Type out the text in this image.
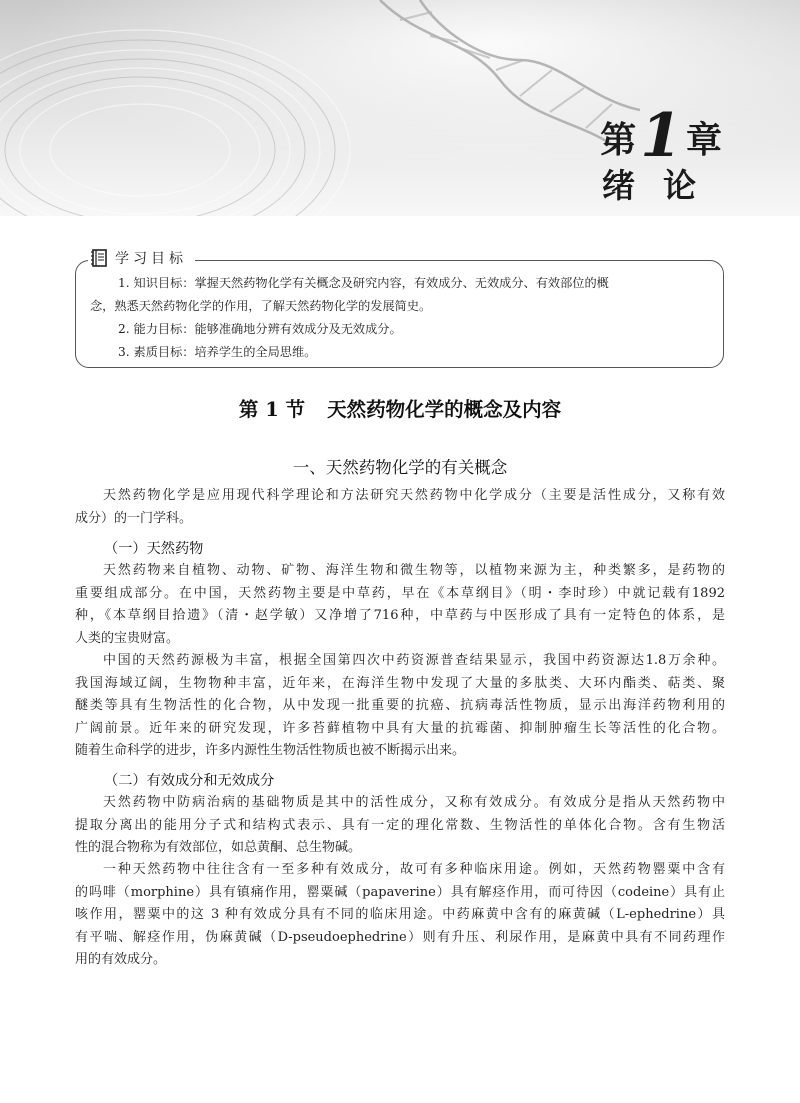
第 1 章
绪论
学习目标
1. 知识目标：掌握天然药物化学有关概念及研究内容，有效成分、无效成分、有效部位的概
念，熟悉天然药物化学的作用，了解天然药物化学的发展简史。
2. 能力目标：能够准确地分辨有效成分及无效成分。
3. 素质目标：培养学生的全局思维。
第 1 节 天然药物化学的概念及内容
一、天然药物化学的有关概念
天然药物化学是应用现代科学理论和方法研究天然药物中化学成分（主要是活性成分，又称有效
成分）的一门学科。
（一）天然药物
天然药物来自植物、动物、矿物、海洋生物和微生物等，以植物来源为主，种类繁多，是药物的
重要组成部分。在中国，天然药物主要是中草药，早在《本草纲目》（明・李时珍）中就记载有1892
种，《本草纲目拾遗》（清・赵学敏）又净增了716种，中草药与中医形成了具有一定特色的体系，是
人类的宝贵财富。
中国的天然药源极为丰富，根据全国第四次中药资源普查结果显示，我国中药资源达1.8万余种。
我国海域辽阔，生物物种丰富，近年来，在海洋生物中发现了大量的多肽类、大环内酯类、萜类、聚
醚类等具有生物活性的化合物，从中发现一批重要的抗癌、抗病毒活性物质，显示出海洋药物利用的
广阔前景。近年来的研究发现，许多苔藓植物中具有大量的抗霉菌、抑制肿瘤生长等活性的化合物。
随着生命科学的进步，许多内源性生物活性物质也被不断揭示出来。
（二）有效成分和无效成分
天然药物中防病治病的基础物质是其中的活性成分，又称有效成分。有效成分是指从天然药物中
提取分离出的能用分子式和结构式表示、具有一定的理化常数、生物活性的单体化合物。含有生物活
性的混合物称为有效部位，如总黄酮、总生物碱。
一种天然药物中往往含有一至多种有效成分，故可有多种临床用途。例如，天然药物罂粟中含有
的吗啡（morphine）具有镇痛作用，罂粟碱（papaverine）具有解痉作用，而可待因（codeine）具有止
咳作用，罂粟中的这 3 种有效成分具有不同的临床用途。中药麻黄中含有的麻黄碱（L-ephedrine）具
有平喘、解痉作用，伪麻黄碱（D-pseudoephedrine）则有升压、利尿作用，是麻黄中具有不同药理作
用的有效成分。
